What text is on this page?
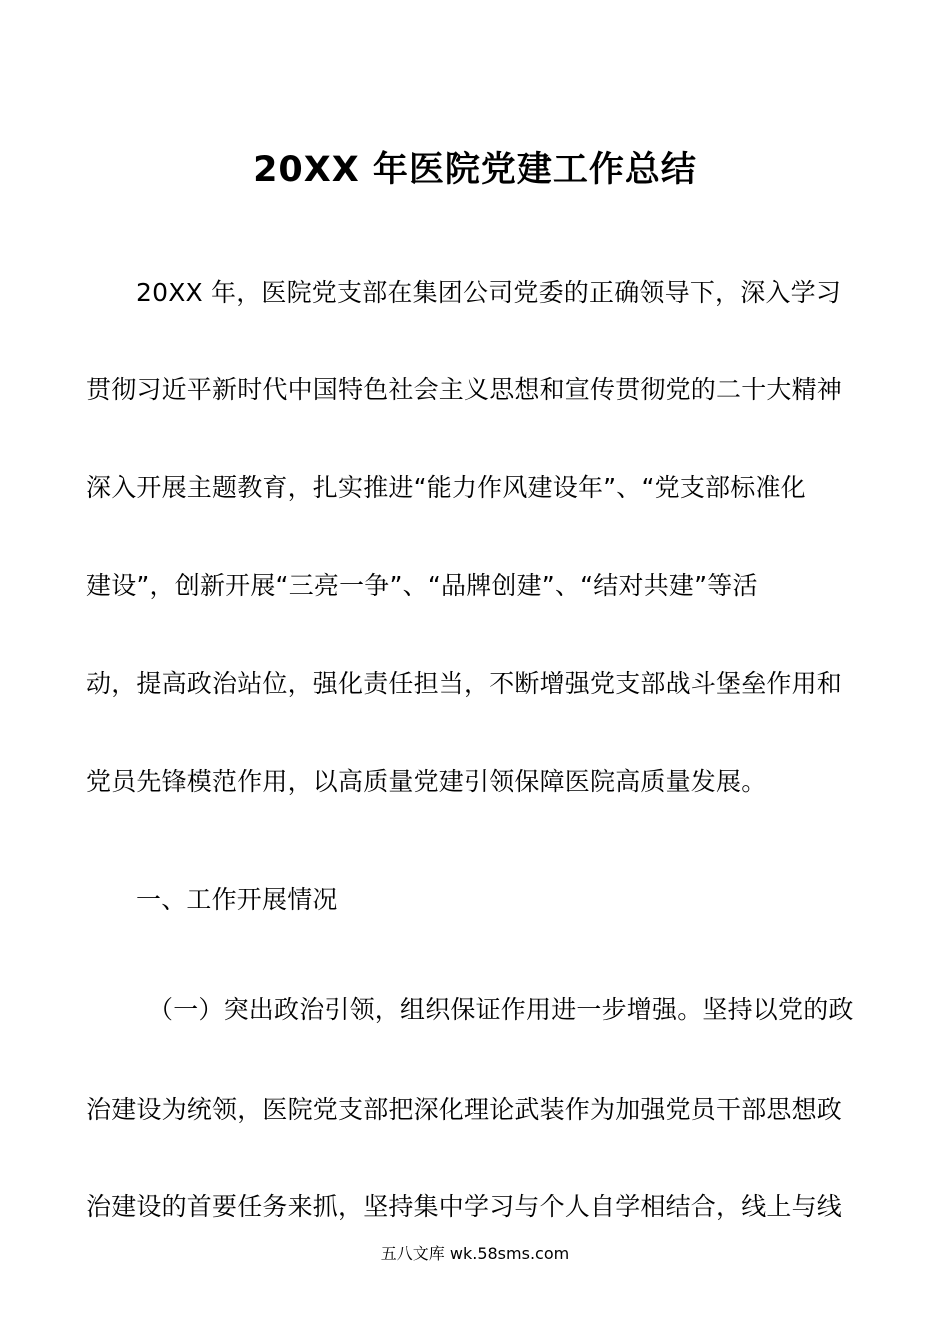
20XX 年医院党建工作总结
20XX 年，医院党支部在集团公司党委的正确领导下，深入学习
贯彻习近平新时代中国特色社会主义思想和宣传贯彻党的二十大精神
深入开展主题教育，扎实推进“能力作风建设年”、“党支部标准化
建设”，创新开展“三亮一争”、“品牌创建”、“结对共建”等活
动，提高政治站位，强化责任担当，不断增强党支部战斗堡垒作用和
党员先锋模范作用，以高质量党建引领保障医院高质量发展。
一、工作开展情况
（一）突出政治引领，组织保证作用进一步增强。坚持以党的政
治建设为统领，医院党支部把深化理论武装作为加强党员干部思想政
治建设的首要任务来抓，坚持集中学习与个人自学相结合，线上与线
五八文库 wk.58sms.com
